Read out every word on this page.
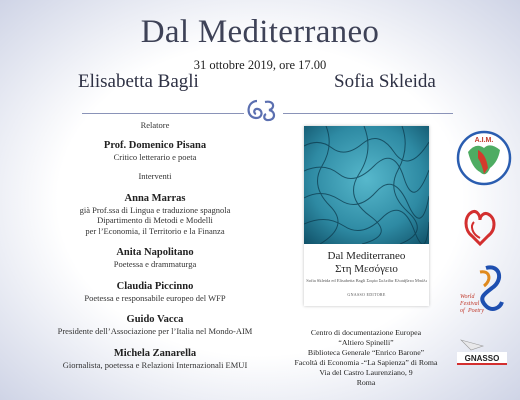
Dal Mediterraneo
31 ottobre 2019, ore 17.00
Elisabetta Bagli	Sofia Skleida
Relatore
Prof. Domenico Pisana
Critico letterario e poeta
Interventi
Anna Marras
già Prof.ssa di Lingua e traduzione spagnola
Dipartimento di Metodi e Modelli
per l’Economia, il Territorio e la Finanza
Anita Napolitano
Poetessa e drammaturga
Claudia Piccinno
Poetessa e responsabile europeo del WFP
Guido Vacca
Presidente dell’Associazione per l’Italia nel Mondo-AIM
Michela Zanarella
Giornalista, poetessa e Relazioni Internazionali EMUI
Dal Mediterraneo
Στη Μεσόγειο
Sofia Skleida ed Elisabetta Bagli Σοφία Σκλείδα Ελισάβετα Μπάλι
GNASSO EDITORE
Centro di documentazione Europea
“Altiero Spinelli”
Biblioteca Generale “Enrico Barone”
Facoltà di Economia -“La Sapienza” di Roma
Via del Castro Laurenziano, 9
Roma
A.I.M.
World
Festival
of Poetry
GNASSO
